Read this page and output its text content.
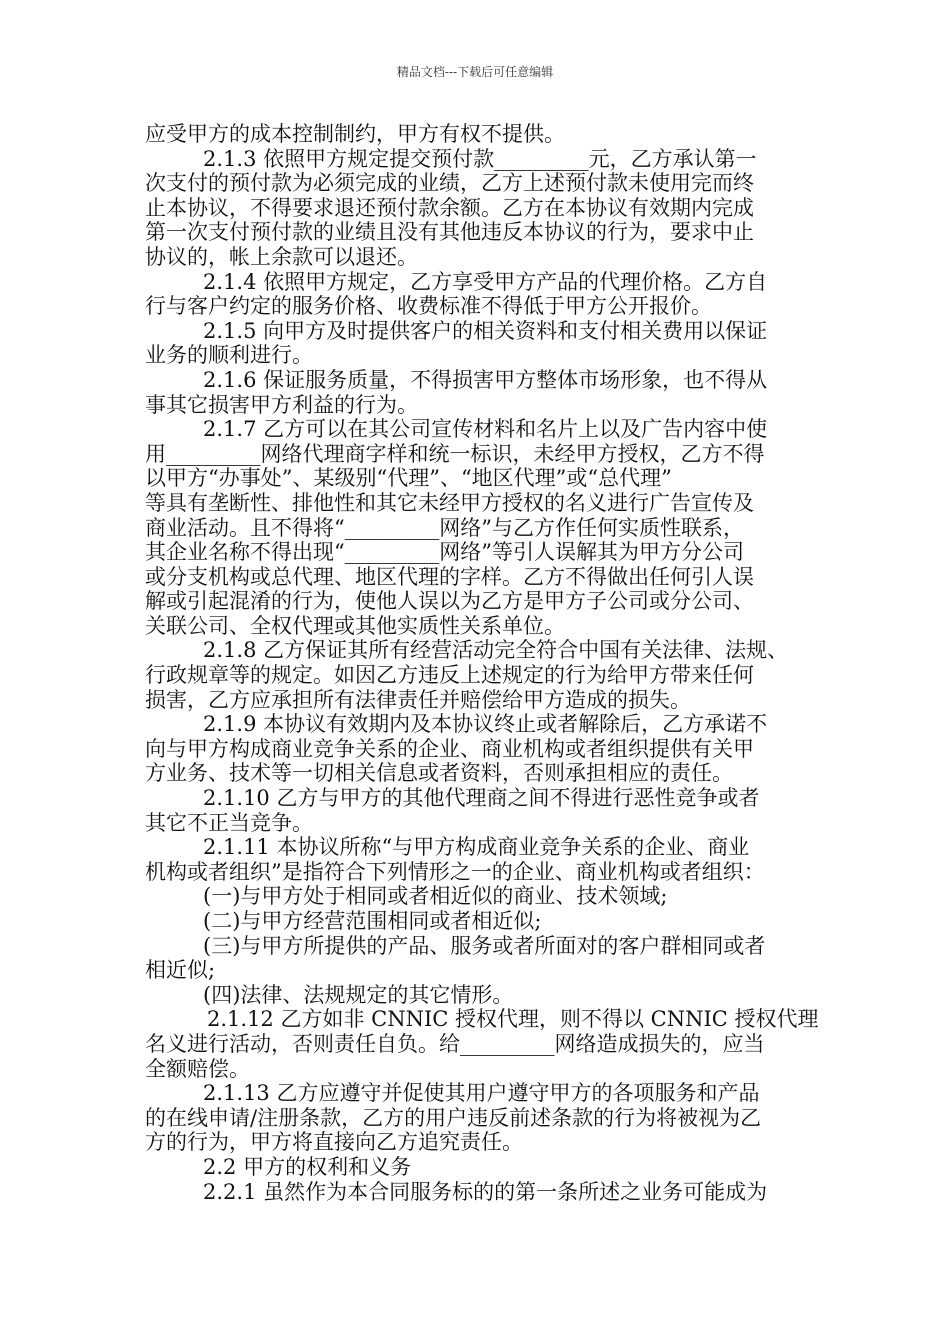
精品文档---下载后可任意编辑
应受甲方的成本控制制约，甲方有权不提供。
2.1.3 依照甲方规定提交预付款_________元，乙方承认第一
次支付的预付款为必须完成的业绩，乙方上述预付款未使用完而终
止本协议，不得要求退还预付款余额。乙方在本协议有效期内完成
第一次支付预付款的业绩且没有其他违反本协议的行为，要求中止
协议的，帐上余款可以退还。
2.1.4 依照甲方规定，乙方享受甲方产品的代理价格。乙方自
行与客户约定的服务价格、收费标准不得低于甲方公开报价。
2.1.5 向甲方及时提供客户的相关资料和支付相关费用以保证
业务的顺利进行。
2.1.6 保证服务质量，不得损害甲方整体市场形象，也不得从
事其它损害甲方利益的行为。
2.1.7 乙方可以在其公司宣传材料和名片上以及广告内容中使
用_________网络代理商字样和统一标识，未经甲方授权，乙方不得
以甲方“办事处”、某级别“代理”、“地区代理”或“总代理”
等具有垄断性、排他性和其它未经甲方授权的名义进行广告宣传及
商业活动。且不得将“_________网络”与乙方作任何实质性联系，
其企业名称不得出现“_________网络”等引人误解其为甲方分公司
或分支机构或总代理、地区代理的字样。乙方不得做出任何引人误
解或引起混淆的行为，使他人误以为乙方是甲方子公司或分公司、
关联公司、全权代理或其他实质性关系单位。
2.1.8 乙方保证其所有经营活动完全符合中国有关法律、法规、
行政规章等的规定。如因乙方违反上述规定的行为给甲方带来任何
损害，乙方应承担所有法律责任并赔偿给甲方造成的损失。
2.1.9 本协议有效期内及本协议终止或者解除后，乙方承诺不
向与甲方构成商业竞争关系的企业、商业机构或者组织提供有关甲
方业务、技术等一切相关信息或者资料，否则承担相应的责任。
2.1.10 乙方与甲方的其他代理商之间不得进行恶性竞争或者
其它不正当竞争。
2.1.11 本协议所称“与甲方构成商业竞争关系的企业、商业
机构或者组织”是指符合下列情形之一的企业、商业机构或者组织：
(一)与甲方处于相同或者相近似的商业、技术领域;
(二)与甲方经营范围相同或者相近似;
(三)与甲方所提供的产品、服务或者所面对的客户群相同或者
相近似;
(四)法律、法规规定的其它情形。
2.1.12 乙方如非 CNNIC 授权代理，则不得以 CNNIC 授权代理
名义进行活动，否则责任自负。给_________网络造成损失的，应当
全额赔偿。
2.1.13 乙方应遵守并促使其用户遵守甲方的各项服务和产品
的在线申请/注册条款，乙方的用户违反前述条款的行为将被视为乙
方的行为，甲方将直接向乙方追究责任。
2.2 甲方的权利和义务
2.2.1 虽然作为本合同服务标的的第一条所述之业务可能成为
